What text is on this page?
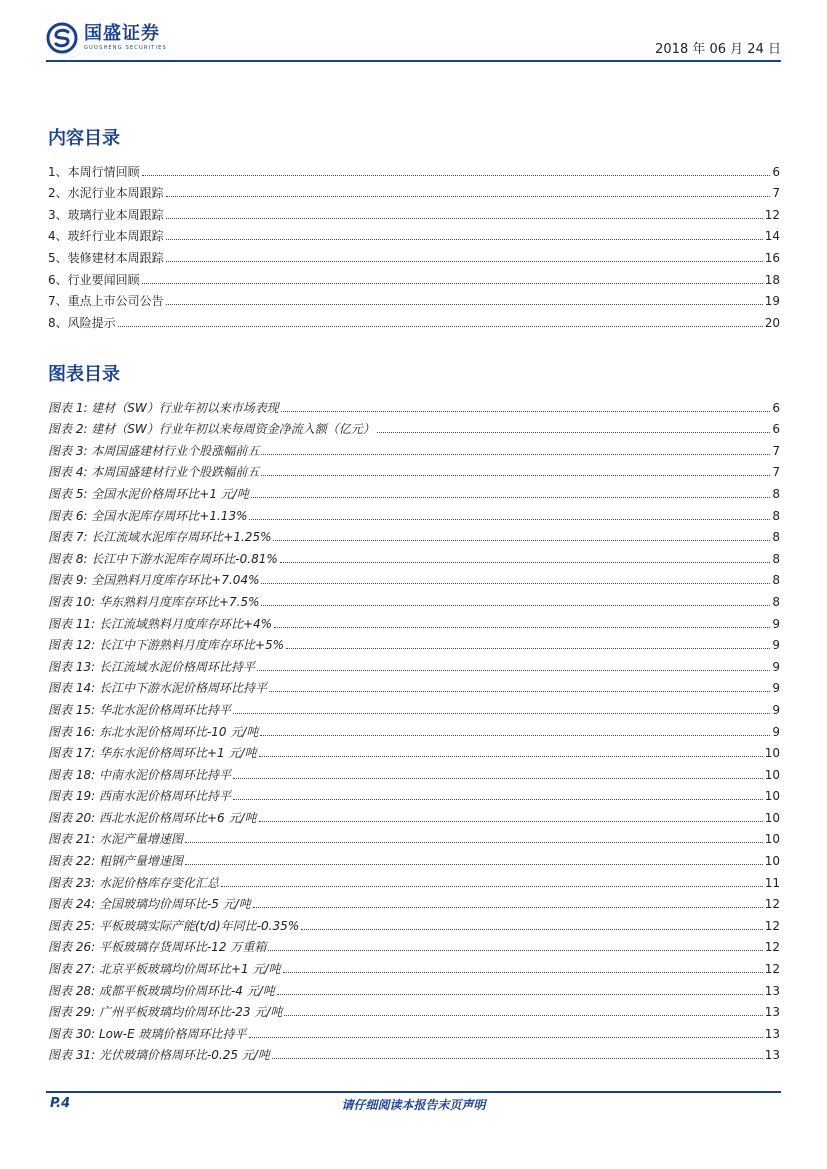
国盛证券
GUOSHENG SECURITIES	2018 年 06 月 24 日
内容目录
1、本周行情回顾	6
2、水泥行业本周跟踪	7
3、玻璃行业本周跟踪	12
4、玻纤行业本周跟踪	14
5、装修建材本周跟踪	16
6、行业要闻回顾	18
7、重点上市公司公告	19
8、风险提示	20
图表目录
图表 1: 建材（SW）行业年初以来市场表现	6
图表 2: 建材（SW）行业年初以来每周资金净流入额（亿元）	6
图表 3: 本周国盛建材行业个股涨幅前五	7
图表 4: 本周国盛建材行业个股跌幅前五	7
图表 5: 全国水泥价格周环比+1 元/吨	8
图表 6: 全国水泥库存周环比+1.13%	8
图表 7: 长江流域水泥库存周环比+1.25%	8
图表 8: 长江中下游水泥库存周环比-0.81%	8
图表 9: 全国熟料月度库存环比+7.04%	8
图表 10: 华东熟料月度库存环比+7.5%	8
图表 11: 长江流域熟料月度库存环比+4%	9
图表 12: 长江中下游熟料月度库存环比+5%	9
图表 13: 长江流域水泥价格周环比持平	9
图表 14: 长江中下游水泥价格周环比持平	9
图表 15: 华北水泥价格周环比持平	9
图表 16: 东北水泥价格周环比-10 元/吨	9
图表 17: 华东水泥价格周环比+1 元/吨	10
图表 18: 中南水泥价格周环比持平	10
图表 19: 西南水泥价格周环比持平	10
图表 20: 西北水泥价格周环比+6 元/吨	10
图表 21: 水泥产量增速图	10
图表 22: 粗钢产量增速图	10
图表 23: 水泥价格库存变化汇总	11
图表 24: 全国玻璃均价周环比-5 元/吨	12
图表 25: 平板玻璃实际产能(t/d)年同比-0.35%	12
图表 26: 平板玻璃存货周环比-12 万重箱	12
图表 27: 北京平板玻璃均价周环比+1 元/吨	12
图表 28: 成都平板玻璃均价周环比-4 元/吨	13
图表 29: 广州平板玻璃均价周环比-23 元/吨	13
图表 30: Low-E 玻璃价格周环比持平	13
图表 31: 光伏玻璃价格周环比-0.25 元/吨	13
P.4	请仔细阅读本报告末页声明
